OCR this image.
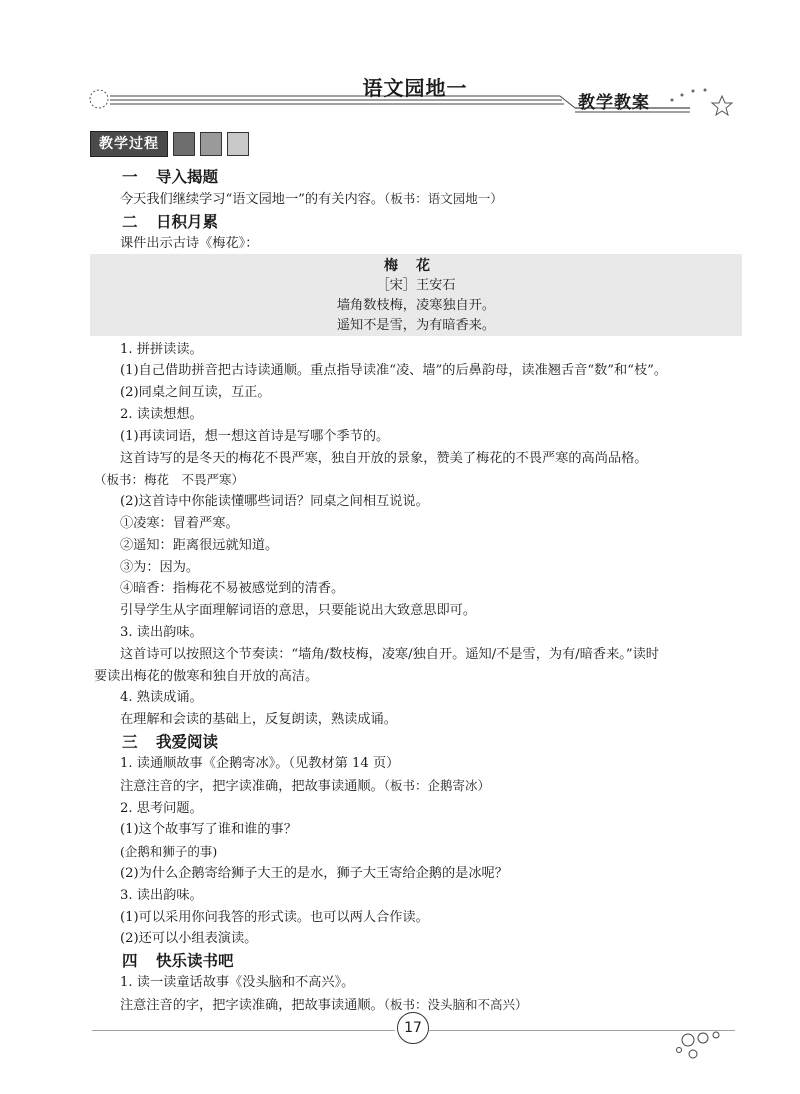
语文园地一
教学教案
教学过程
梅花
［宋］王安石
墙角数枝梅，凌寒独自开。
遥知不是雪，为有暗香来。
一 导入揭题
今天我们继续学习“语文园地一”的有关内容。（板书：语文园地一）
二 日积月累
课件出示古诗《梅花》：
1. 拼拼读读。
(1)自己借助拼音把古诗读通顺。重点指导读准“凌、墙”的后鼻韵母，读准翘舌音“数”和“枝”。
(2)同桌之间互读，互正。
2. 读读想想。
(1)再读词语，想一想这首诗是写哪个季节的。
这首诗写的是冬天的梅花不畏严寒，独自开放的景象，赞美了梅花的不畏严寒的高尚品格。
（板书：梅花　不畏严寒）
(2)这首诗中你能读懂哪些词语？同桌之间相互说说。
①凌寒：冒着严寒。
②遥知：距离很远就知道。
③为：因为。
④暗香：指梅花不易被感觉到的清香。
引导学生从字面理解词语的意思，只要能说出大致意思即可。
3. 读出韵味。
这首诗可以按照这个节奏读：“墙角/数枝梅，凌寒/独自开。遥知/不是雪，为有/暗香来。”读时
要读出梅花的傲寒和独自开放的高洁。
4. 熟读成诵。
在理解和会读的基础上，反复朗读，熟读成诵。
三 我爱阅读
1. 读通顺故事《企鹅寄冰》。（见教材第 14 页）
注意注音的字，把字读准确，把故事读通顺。（板书：企鹅寄冰）
2. 思考问题。
(1)这个故事写了谁和谁的事？
(企鹅和狮子的事)
(2)为什么企鹅寄给狮子大王的是水，狮子大王寄给企鹅的是冰呢？
3. 读出韵味。
(1)可以采用你问我答的形式读。也可以两人合作读。
(2)还可以小组表演读。
四 快乐读书吧
1. 读一读童话故事《没头脑和不高兴》。
注意注音的字，把字读准确，把故事读通顺。（板书：没头脑和不高兴）
17
